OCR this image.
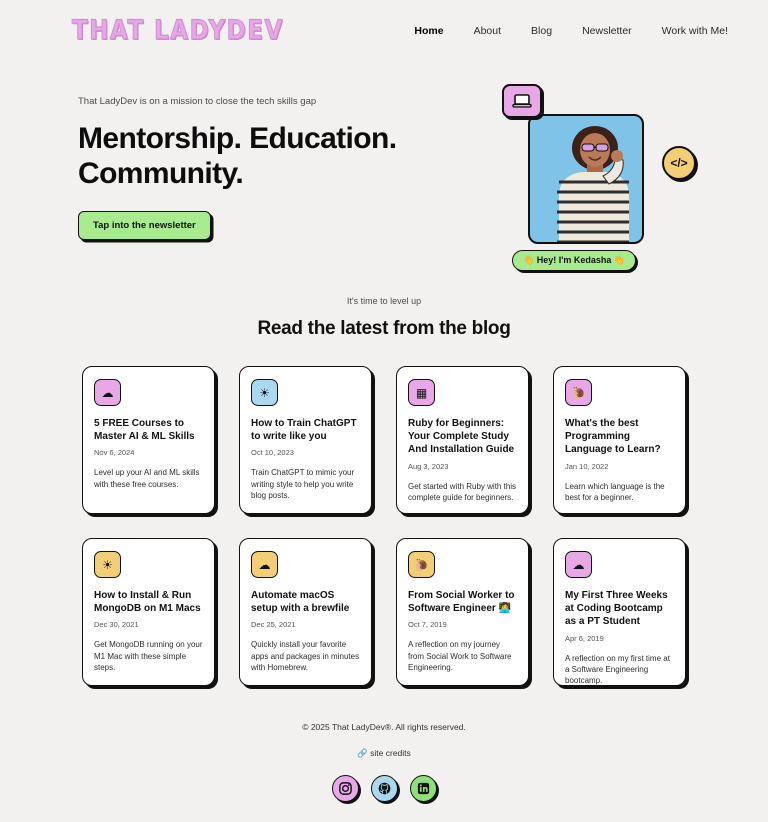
THAT LADYDEV	Home	About	Blog	Newsletter	Work with Me!
That LadyDev is on a mission to close the tech skills gap
Mentorship. Education.
Community.
Tap into the newsletter
</>
👋 Hey! I'm Kedasha 👋
It's time to level up
Read the latest from the blog
☁
5 FREE Courses to Master AI & ML Skills
Nov 6, 2024
Level up your AI and ML skills with these free courses.
☀
How to Train ChatGPT to write like you
Oct 10, 2023
Train ChatGPT to mimic your writing style to help you write blog posts.
▦
Ruby for Beginners: Your Complete Study And Installation Guide
Aug 3, 2023
Get started with Ruby with this complete guide for beginners.
🐌
What's the best Programming Language to Learn?
Jan 10, 2022
Learn which language is the best for a beginner.
☀
How to Install & Run MongoDB on M1 Macs
Dec 30, 2021
Get MongoDB running on your M1 Mac with these simple steps.
☁
Automate macOS setup with a brewfile
Dec 25, 2021
Quickly install your favorite apps and packages in minutes with Homebrew.
🐌
From Social Worker to Software Engineer 👩‍💻
Oct 7, 2019
A reflection on my journey from Social Work to Software Engineering.
☁
My First Three Weeks at Coding Bootcamp as a PT Student
Apr 6, 2019
A reflection on my first time at a Software Engineering bootcamp.
© 2025 That LadyDev®. All rights reserved.
🔗 site credits
